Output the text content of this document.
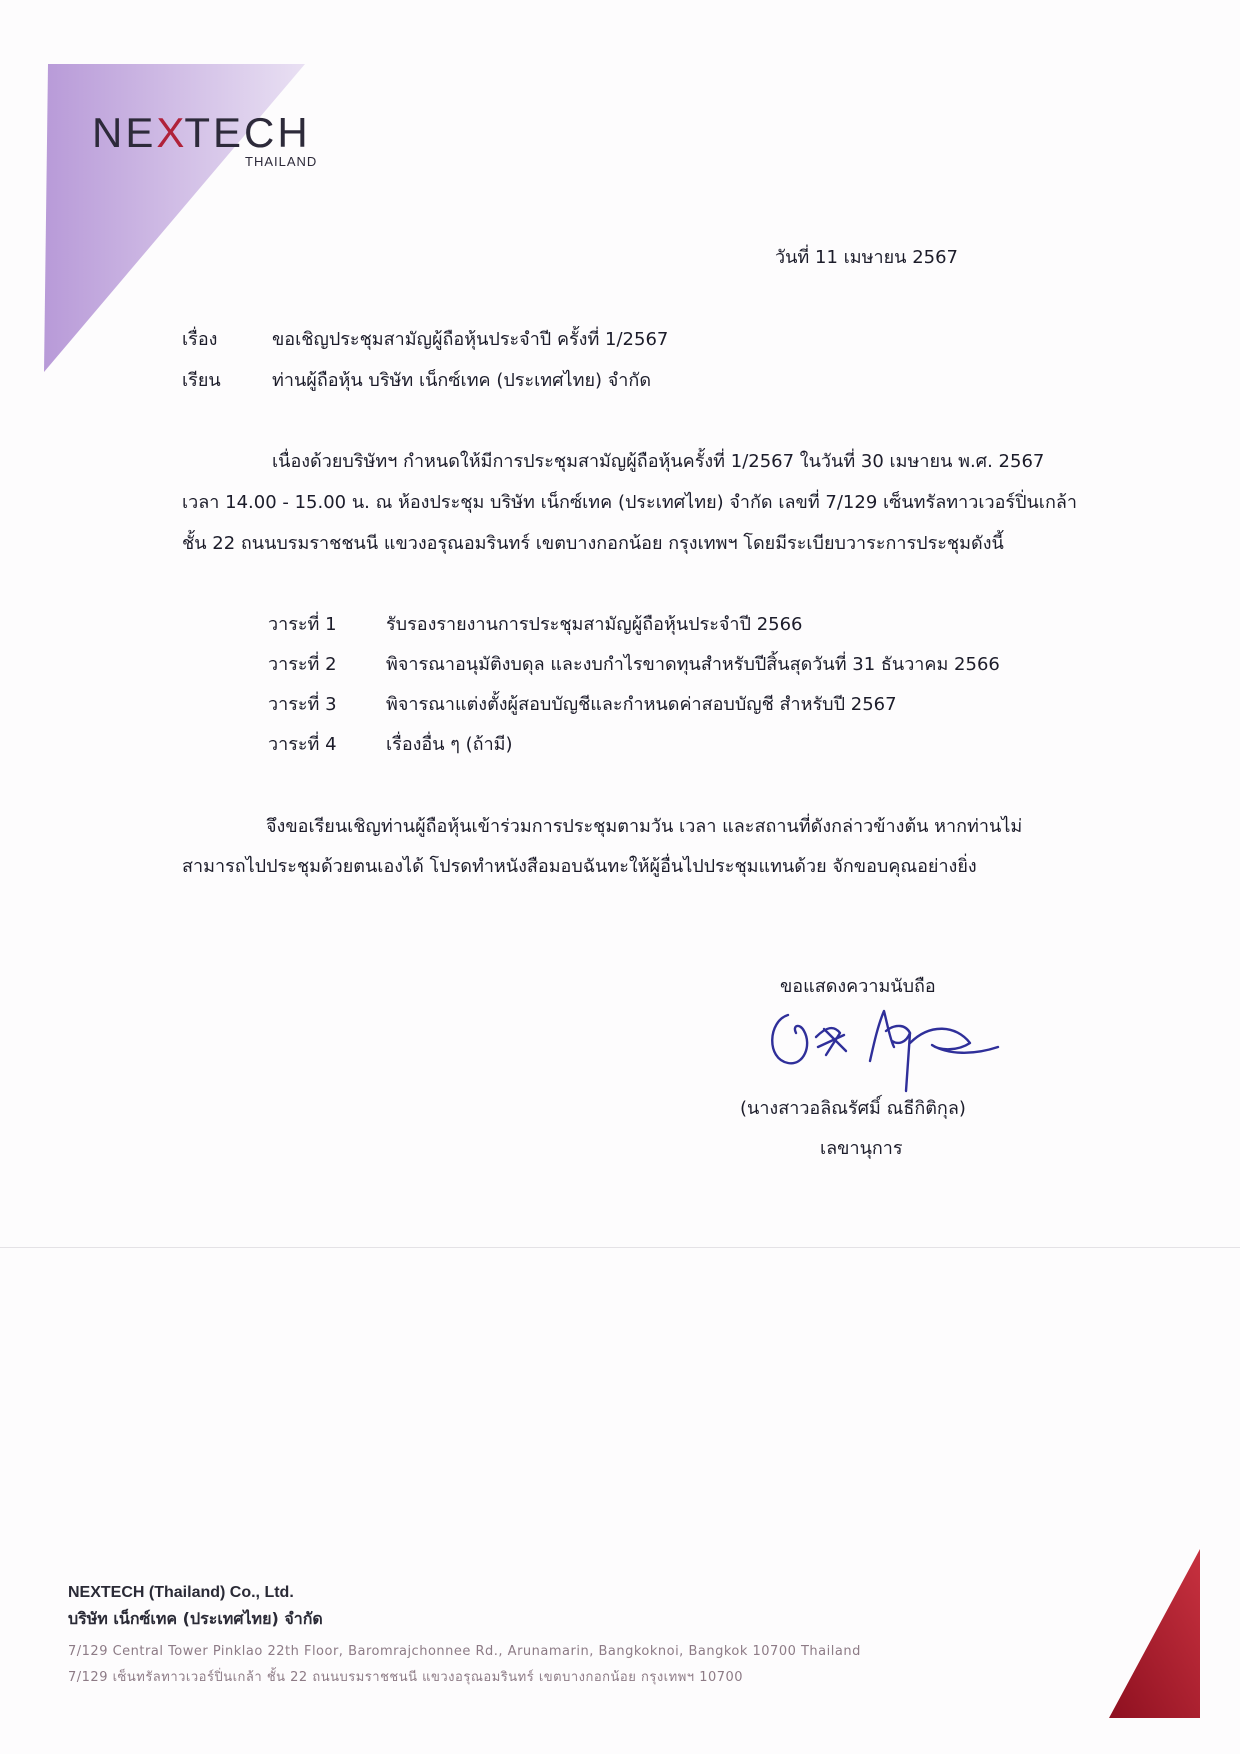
NEXTECH
THAILAND
วันที่ 11 เมษายน 2567
เรื่อง	ขอเชิญประชุมสามัญผู้ถือหุ้นประจำปี ครั้งที่ 1/2567
เรียน	ท่านผู้ถือหุ้น บริษัท เน็กซ์เทค (ประเทศไทย) จำกัด
เนื่องด้วยบริษัทฯ กำหนดให้มีการประชุมสามัญผู้ถือหุ้นครั้งที่ 1/2567 ในวันที่ 30 เมษายน พ.ศ. 2567
เวลา 14.00 - 15.00 น. ณ ห้องประชุม บริษัท เน็กซ์เทค (ประเทศไทย) จำกัด เลขที่ 7/129 เซ็นทรัลทาวเวอร์ปิ่นเกล้า
ชั้น 22 ถนนบรมราชชนนี แขวงอรุณอมรินทร์ เขตบางกอกน้อย กรุงเทพฯ โดยมีระเบียบวาระการประชุมดังนี้
วาระที่ 1	รับรองรายงานการประชุมสามัญผู้ถือหุ้นประจำปี 2566
วาระที่ 2	พิจารณาอนุมัติงบดุล และงบกำไรขาดทุนสำหรับปีสิ้นสุดวันที่ 31 ธันวาคม 2566
วาระที่ 3	พิจารณาแต่งตั้งผู้สอบบัญชีและกำหนดค่าสอบบัญชี สำหรับปี 2567
วาระที่ 4	เรื่องอื่น ๆ (ถ้ามี)
จึงขอเรียนเชิญท่านผู้ถือหุ้นเข้าร่วมการประชุมตามวัน เวลา และสถานที่ดังกล่าวข้างต้น หากท่านไม่
สามารถไปประชุมด้วยตนเองได้ โปรดทำหนังสือมอบฉันทะให้ผู้อื่นไปประชุมแทนด้วย จักขอบคุณอย่างยิ่ง
ขอแสดงความนับถือ
(นางสาวอลิณรัศมิ์ ณธีกิติกุล)
เลขานุการ
NEXTECH (Thailand) Co., Ltd.
บริษัท เน็กซ์เทค (ประเทศไทย) จำกัด
7/129 Central Tower Pinklao 22th Floor, Baromrajchonnee Rd., Arunamarin, Bangkoknoi, Bangkok 10700 Thailand
7/129 เซ็นทรัลทาวเวอร์ปิ่นเกล้า ชั้น 22 ถนนบรมราชชนนี แขวงอรุณอมรินทร์ เขตบางกอกน้อย กรุงเทพฯ 10700
